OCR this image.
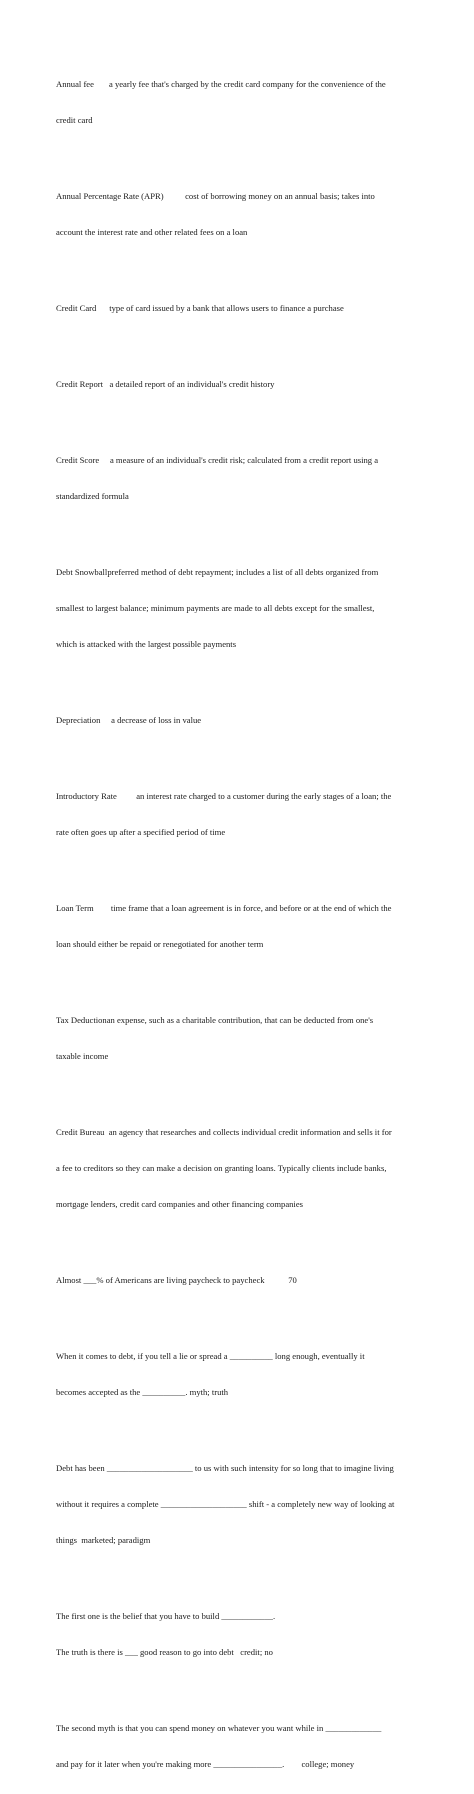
Annual fee       a yearly fee that's charged by the credit card company for the convenience of the

credit card

Annual Percentage Rate (APR)          cost of borrowing money on an annual basis; takes into

account the interest rate and other related fees on a loan

Credit Card      type of card issued by a bank that allows users to finance a purchase

Credit Report   a detailed report of an individual's credit history

Credit Score     a measure of an individual's credit risk; calculated from a credit report using a

standardized formula

Debt Snowballpreferred method of debt repayment; includes a list of all debts organized from

smallest to largest balance; minimum payments are made to all debts except for the smallest,

which is attacked with the largest possible payments

Depreciation     a decrease of loss in value

Introductory Rate         an interest rate charged to a customer during the early stages of a loan; the

rate often goes up after a specified period of time

Loan Term        time frame that a loan agreement is in force, and before or at the end of which the

loan should either be repaid or renegotiated for another term

Tax Deductionan expense, such as a charitable contribution, that can be deducted from one's

taxable income

Credit Bureau  an agency that researches and collects individual credit information and sells it for

a fee to creditors so they can make a decision on granting loans. Typically clients include banks,

mortgage lenders, credit card companies and other financing companies

Almost ___% of Americans are living paycheck to paycheck           70

When it comes to debt, if you tell a lie or spread a __________ long enough, eventually it

becomes accepted as the __________. myth; truth

Debt has been ____________________ to us with such intensity for so long that to imagine living

without it requires a complete ____________________ shift - a completely new way of looking at

things  marketed; paradigm

The first one is the belief that you have to build ____________.

The truth is there is ___ good reason to go into debt   credit; no

The second myth is that you can spend money on whatever you want while in _____________

and pay for it later when you're making more ________________.        college; money
